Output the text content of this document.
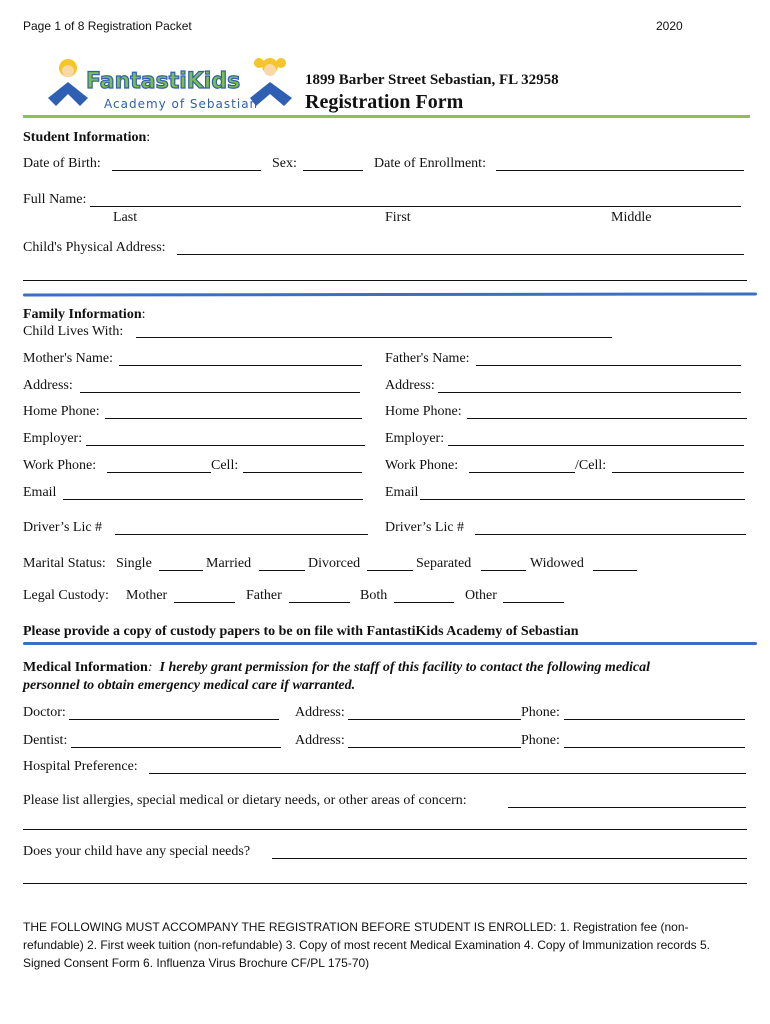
Page 1 of 8 Registration Packet	2020
FantastiKids
Academy of Sebastian
1899 Barber Street Sebastian, FL 32958
Registration Form
Student Information:
Date of Birth:	Sex:	Date of Enrollment:
Full Name:
Last	First	Middle
Child's Physical Address:
Family Information:
Child Lives With:
Mother's Name:	Father's Name:
Address:	Address:
Home Phone:	Home Phone:
Employer:	Employer:
Work Phone:	Cell:	Work Phone:	/Cell:
Email	Email
Driver’s Lic #	Driver’s Lic #
Marital Status: Single	Married	Divorced	Separated	Widowed
Legal Custody: Mother	Father	Both	Other
Please provide a copy of custody papers to be on file with FantastiKids Academy of Sebastian
Medical Information: I hereby grant permission for the staff of this facility to contact the following medical
personnel to obtain emergency medical care if warranted.
Doctor:	Address:	Phone:
Dentist:	Address:	Phone:
Hospital Preference:
Please list allergies, special medical or dietary needs, or other areas of concern:
Does your child have any special needs?
THE FOLLOWING MUST ACCOMPANY THE REGISTRATION BEFORE STUDENT IS ENROLLED: 1. Registration fee (non-refundable) 2. First week tuition (non-refundable) 3. Copy of most recent Medical Examination 4. Copy of Immunization records 5. Signed Consent Form 6. Influenza Virus Brochure CF/PL 175-70)
